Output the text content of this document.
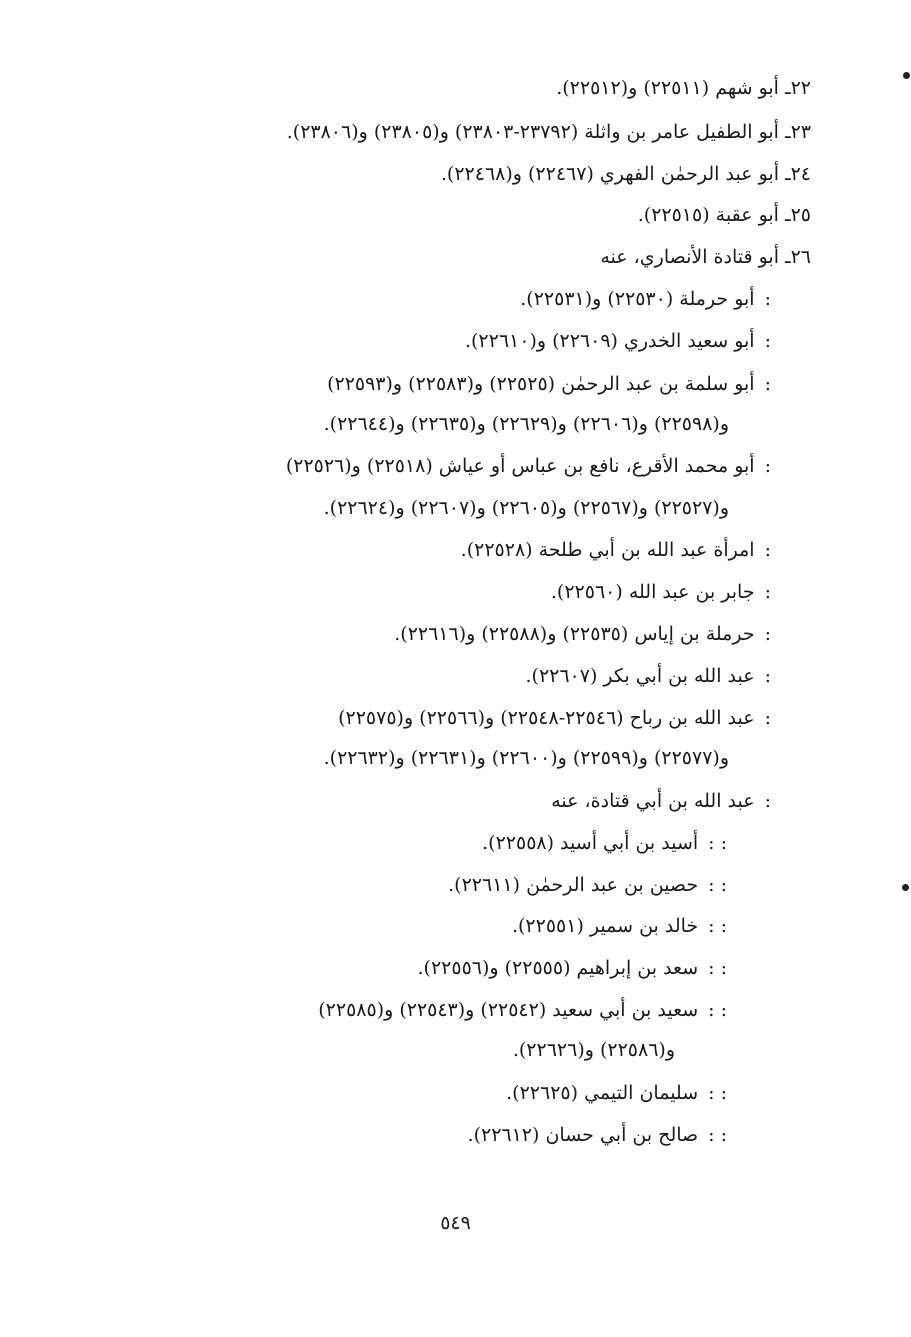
٢٢ـ أبو شهم (٢٢٥١١) و(٢٢٥١٢).
٢٣ـ أبو الطفيل عامر بن واثلة (٢٣٧٩٢-٢٣٨٠٣) و(٢٣٨٠٥) و(٢٣٨٠٦).
٢٤ـ أبو عبد الرحمٰن الفهري (٢٢٤٦٧) و(٢٢٤٦٨).
٢٥ـ أبو عقبة (٢٢٥١٥).
٢٦ـ أبو قتادة الأنصاري، عنه
:أبو حرملة (٢٢٥٣٠) و(٢٢٥٣١).
:أبو سعيد الخدري (٢٢٦٠٩) و(٢٢٦١٠).
:أبو سلمة بن عبد الرحمٰن (٢٢٥٢٥) و(٢٢٥٨٣) و(٢٢٥٩٣)
و(٢٢٥٩٨) و(٢٢٦٠٦) و(٢٢٦٢٩) و(٢٢٦٣٥) و(٢٢٦٤٤).
:أبو محمد الأقرع، نافع بن عباس أو عياش (٢٢٥١٨) و(٢٢٥٢٦)
و(٢٢٥٢٧) و(٢٢٥٦٧) و(٢٢٦٠٥) و(٢٢٦٠٧) و(٢٢٦٢٤).
:امرأة عبد الله بن أبي طلحة (٢٢٥٢٨).
:جابر بن عبد الله (٢٢٥٦٠).
:حرملة بن إياس (٢٢٥٣٥) و(٢٢٥٨٨) و(٢٢٦١٦).
:عبد الله بن أبي بكر (٢٢٦٠٧).
:عبد الله بن رباح (٢٢٥٤٦-٢٢٥٤٨) و(٢٢٥٦٦) و(٢٢٥٧٥)
و(٢٢٥٧٧) و(٢٢٥٩٩) و(٢٢٦٠٠) و(٢٢٦٣١) و(٢٢٦٣٢).
:عبد الله بن أبي قتادة، عنه
: :أسيد بن أبي أسيد (٢٢٥٥٨).
: :حصين بن عبد الرحمٰن (٢٢٦١١).
: :خالد بن سمير (٢٢٥٥١).
: :سعد بن إبراهيم (٢٢٥٥٥) و(٢٢٥٥٦).
: :سعيد بن أبي سعيد (٢٢٥٤٢) و(٢٢٥٤٣) و(٢٢٥٨٥)
و(٢٢٥٨٦) و(٢٢٦٢٦).
: :سليمان التيمي (٢٢٦٢٥).
: :صالح بن أبي حسان (٢٢٦١٢).
٥٤٩
